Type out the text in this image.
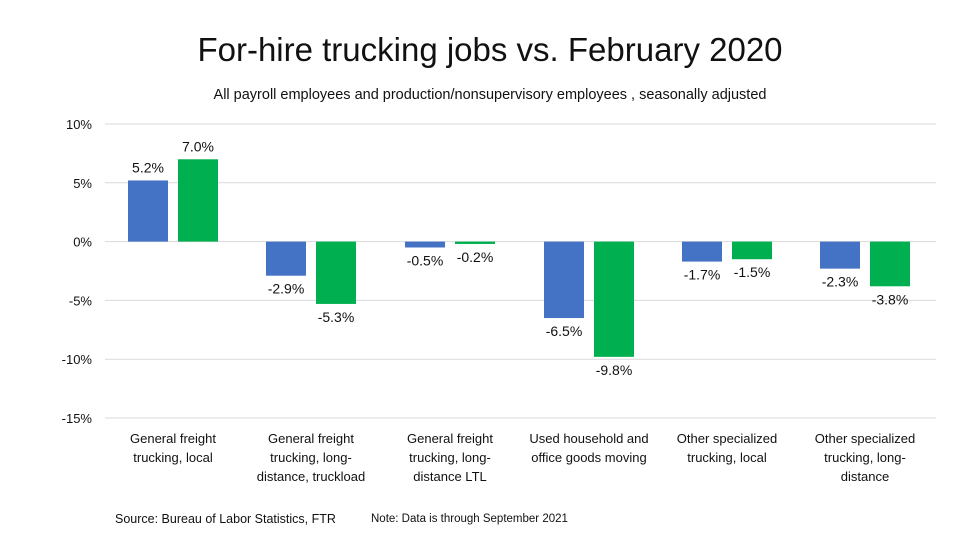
For-hire trucking jobs vs. February 2020
All payroll employees and production/nonsupervisory employees , seasonally adjusted
10%
5%
0%
-5%
-10%
-15%
5.2%
-2.9%
-0.5%
-6.5%
-1.7%	-2.3%
7.0%
-5.3%
-0.2%
-9.8%
-1.5%
-3.8%
General freight trucking, local
General freight trucking, long-distance, truckload
General freight trucking, long-distance LTL
Used household and office goods moving
Other specialized trucking, local
Other specialized trucking, long-distance
Source: Bureau of Labor Statistics, FTR	Note: Data is through September 2021
